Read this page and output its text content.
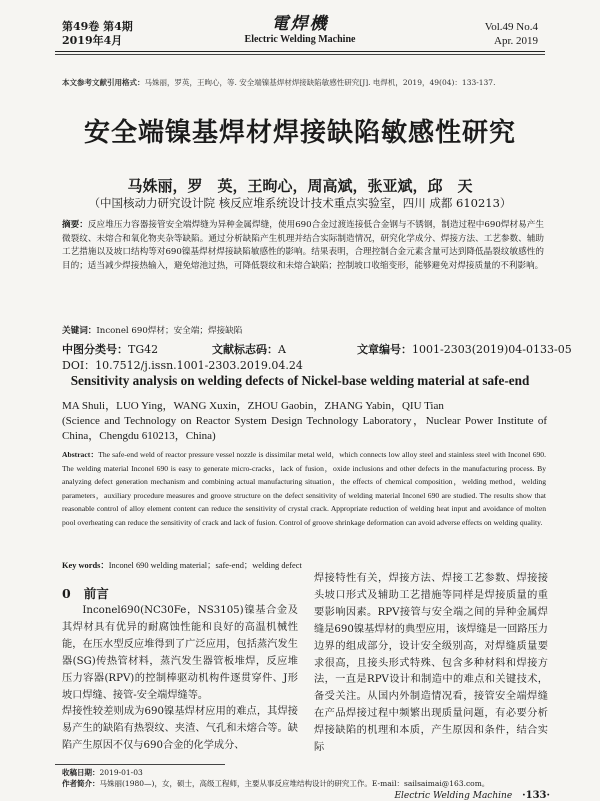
第49卷 第4期
2019年4月
電焊機
Electric Welding Machine
Vol.49 No.4
Apr. 2019
本文参考文献引用格式：马姝丽，罗英，王昫心，等. 安全端镍基焊材焊接缺陷敏感性研究[J]. 电焊机，2019，49(04)：133-137.
安全端镍基焊材焊接缺陷敏感性研究
马姝丽，罗　英，王昫心，周高斌，张亚斌，邱　天
（中国核动力研究设计院 核反应堆系统设计技术重点实验室，四川 成都 610213）
摘要：反应堆压力容器接管安全端焊缝为异种金属焊缝，使用690合金过渡连接低合金钢与不锈钢，制造过程中690焊材易产生微裂纹、未熔合和氧化物夹杂等缺陷。通过分析缺陷产生机理并结合实际制造情况，研究化学成分、焊接方法、工艺参数、辅助工艺措施以及坡口结构等对690镍基焊材焊接缺陷敏感性的影响。结果表明，合理控制合金元素含量可达到降低晶裂纹敏感性的目的；适当减少焊接热输入，避免熔池过热，可降低裂纹和未熔合缺陷；控制坡口收缩变形，能够避免对焊接质量的不利影响。
关键词：Inconel 690焊材；安全端；焊接缺陷
中图分类号：TG42	文献标志码：A	文章编号：1001-2303(2019)04-0133-05
DOI：10.7512/j.issn.1001-2303.2019.04.24
Sensitivity analysis on welding defects of Nickel-base welding material at safe-end
MA Shuli，LUO Ying，WANG Xuxin，ZHOU Gaobin，ZHANG Yabin，QIU Tian
(Science and Technology on Reactor System Design Technology Laboratory，Nuclear Power Institute of China，Chengdu 610213，China)
Abstract：The safe-end weld of reactor pressure vessel nozzle is dissimilar metal weld，which connects low alloy steel and stainless steel with Inconel 690. The welding material Inconel 690 is easy to generate micro-cracks，lack of fusion，oxide inclusions and other defects in the manufacturing process. By analyzing defect generation mechanism and combining actual manufacturing situation，the effects of chemical composition，welding method，welding parameters，auxiliary procedure measures and groove structure on the defect sensitivity of welding material Inconel 690 are studied. The results show that reasonable control of alloy element content can reduce the sensitivity of crystal crack. Appropriate reduction of welding heat input and avoidance of molten pool overheating can reduce the sensitivity of crack and lack of fusion. Control of groove shrinkage deformation can avoid adverse effects on welding quality.
Key words：Inconel 690 welding material；safe-end；welding defect
0 前言
Inconel690(NC30Fe，NS3105)镍基合金及其焊材具有优异的耐腐蚀性能和良好的高温机械性能，在压水型反应堆得到了广泛应用，包括蒸汽发生器(SG)传热管材料，蒸汽发生器管板堆焊，反应堆压力容器(RPV)的控制棒驱动机构件逐贯穿件、J形坡口焊缝、接管-安全端焊缝等。
焊接性较差则成为690镍基焊材应用的难点，其焊接易产生的缺陷有热裂纹、夹渣、气孔和未熔合等。缺陷产生原因不仅与690合金的化学成分、
焊接特性有关，焊接方法、焊接工艺参数、焊接接头坡口形式及辅助工艺措施等同样是焊接质量的重要影响因素。RPV接管与安全端之间的异种金属焊缝是690镍基焊材的典型应用，该焊缝是一回路压力边界的组成部分，设计安全级别高，对焊缝质量要求很高，且接头形式特殊、包含多种材料和焊接方法，一直是RPV设计和制造中的难点和关键技术，备受关注。从国内外制造情况看，接管安全端焊缝在产品焊接过程中频繁出现质量问题，有必要分析焊接缺陷的机理和本质，产生原因和条件，结合实际
收稿日期：2019-01-03
作者简介：马姝丽(1980—)，女，硕士，高级工程师，主要从事反应堆结构设计的研究工作。E-mail：sailsaimai@163.com。
Electric Welding Machine ·133·
